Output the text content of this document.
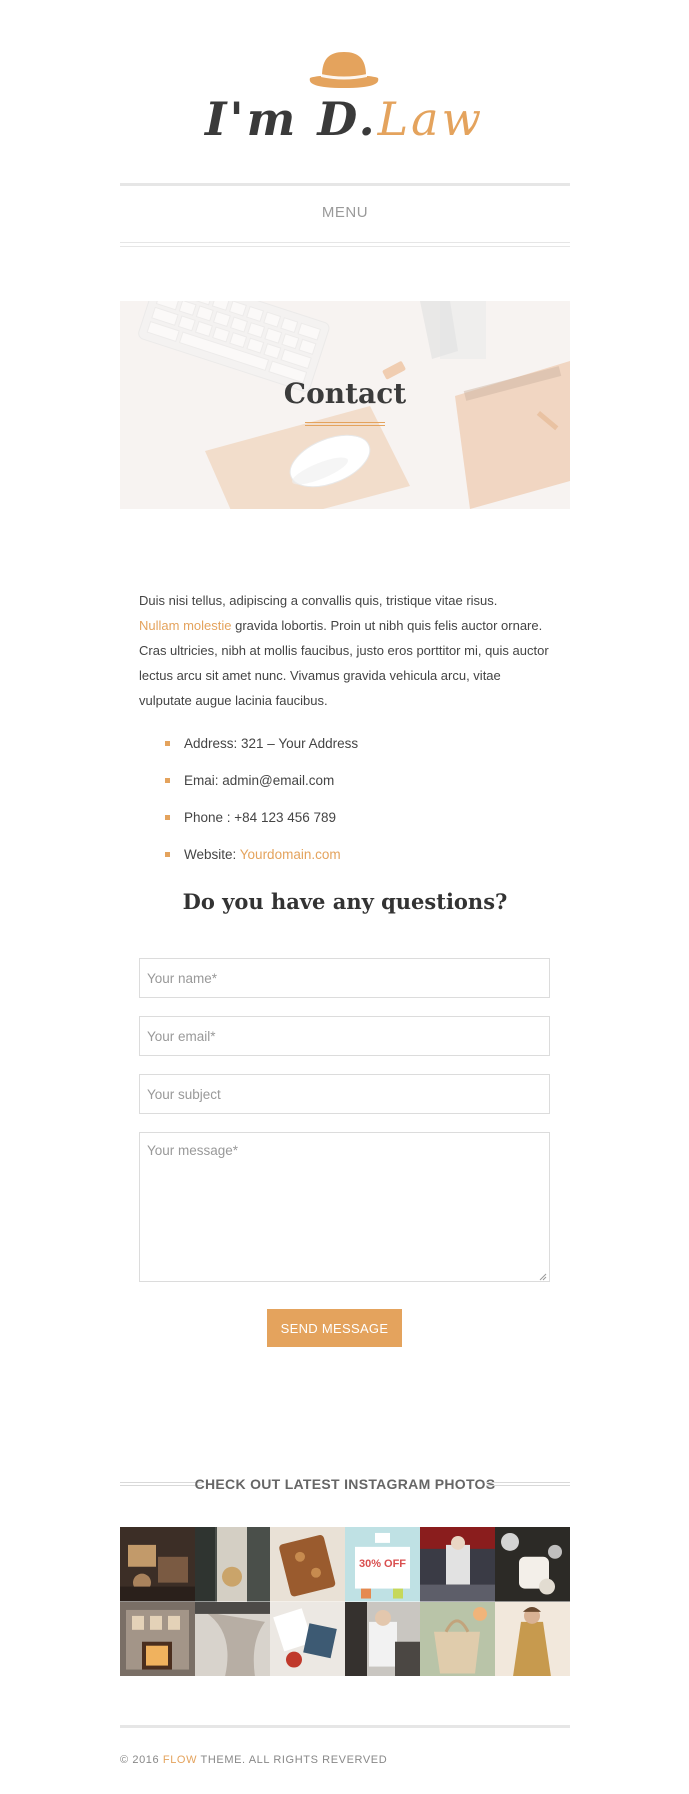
I'm D.Law
MENU
Contact

Duis nisi tellus, adipiscing a convallis quis, tristique vitae risus.
Nullam molestie gravida lobortis. Proin ut nibh quis felis auctor ornare. Cras ultricies, nibh at mollis faucibus, justo eros porttitor mi, quis auctor lectus arcu sit amet nunc. Vivamus gravida vehicula arcu, vitae vulputate augue lacinia faucibus.

Address: 321 – Your Address
Emai: admin@email.com
Phone : +84 123 456 789
Website: Yourdomain.com
Do you have any questions?
Your name*
Your email*
Your subject
Your message*
SEND MESSAGE
CHECK OUT LATEST INSTAGRAM PHOTOS
30% OFF
© 2016 FLOW THEME. ALL RIGHTS REVERVED
